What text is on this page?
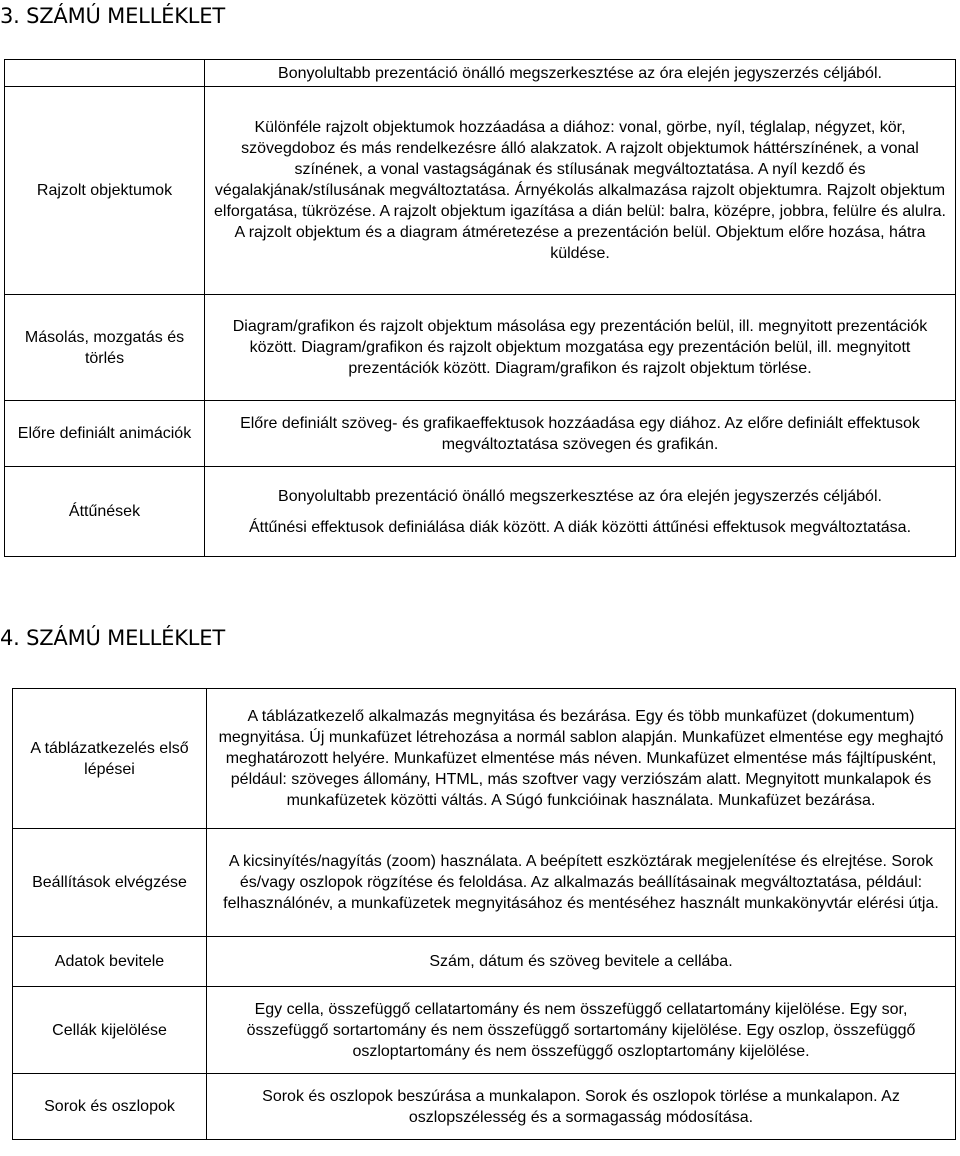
3. SZÁMÚ MELLÉKLET
	Bonyolultabb prezentáció önálló megszerkesztése az óra elején jegyszerzés céljából.
Rajzolt objektumok	Különféle rajzolt objektumok hozzáadása a diához: vonal, görbe, nyíl, téglalap, négyzet, kör, szövegdoboz és más rendelkezésre álló alakzatok. A rajzolt objektumok háttérszínének, a vonal színének, a vonal vastagságának és stílusának megváltoztatása. A nyíl kezdő és végalakjának/stílusának megváltoztatása. Árnyékolás alkalmazása rajzolt objektumra. Rajzolt objektum elforgatása, tükrözése. A rajzolt objektum igazítása a dián belül: balra, középre, jobbra, felülre és alulra. A rajzolt objektum és a diagram átméretezése a prezentáción belül. Objektum előre hozása, hátra küldése.
Másolás, mozgatás és törlés	Diagram/grafikon és rajzolt objektum másolása egy prezentáción belül, ill. megnyitott prezentációk között. Diagram/grafikon és rajzolt objektum mozgatása egy prezentáción belül, ill. megnyitott prezentációk között. Diagram/grafikon és rajzolt objektum törlése.
Előre definiált animációk	Előre definiált szöveg- és grafikaeffektusok hozzáadása egy diához. Az előre definiált effektusok megváltoztatása szövegen és grafikán.
Áttűnések	Bonyolultabb prezentáció önálló megszerkesztése az óra elején jegyszerzés céljából.
Áttűnési effektusok definiálása diák között. A diák közötti áttűnési effektusok megváltoztatása.
4. SZÁMÚ MELLÉKLET
A táblázatkezelés első lépései	A táblázatkezelő alkalmazás megnyitása és bezárása. Egy és több munkafüzet (dokumentum) megnyitása. Új munkafüzet létrehozása a normál sablon alapján. Munkafüzet elmentése egy meghajtó meghatározott helyére. Munkafüzet elmentése más néven. Munkafüzet elmentése más fájltípusként, például: szöveges állomány, HTML, más szoftver vagy verziószám alatt. Megnyitott munkalapok és munkafüzetek közötti váltás. A Súgó funkcióinak használata. Munkafüzet bezárása.
Beállítások elvégzése	A kicsinyítés/nagyítás (zoom) használata. A beépített eszköztárak megjelenítése és elrejtése. Sorok és/vagy oszlopok rögzítése és feloldása. Az alkalmazás beállításainak megváltoztatása, például: felhasználónév, a munkafüzetek megnyitásához és mentéséhez használt munkakönyvtár elérési útja.
Adatok bevitele	Szám, dátum és szöveg bevitele a cellába.
Cellák kijelölése	Egy cella, összefüggő cellatartomány és nem összefüggő cellatartomány kijelölése. Egy sor, összefüggő sortartomány és nem összefüggő sortartomány kijelölése. Egy oszlop, összefüggő oszloptartomány és nem összefüggő oszloptartomány kijelölése.
Sorok és oszlopok	Sorok és oszlopok beszúrása a munkalapon. Sorok és oszlopok törlése a munkalapon. Az oszlopszélesség és a sormagasság módosítása.
